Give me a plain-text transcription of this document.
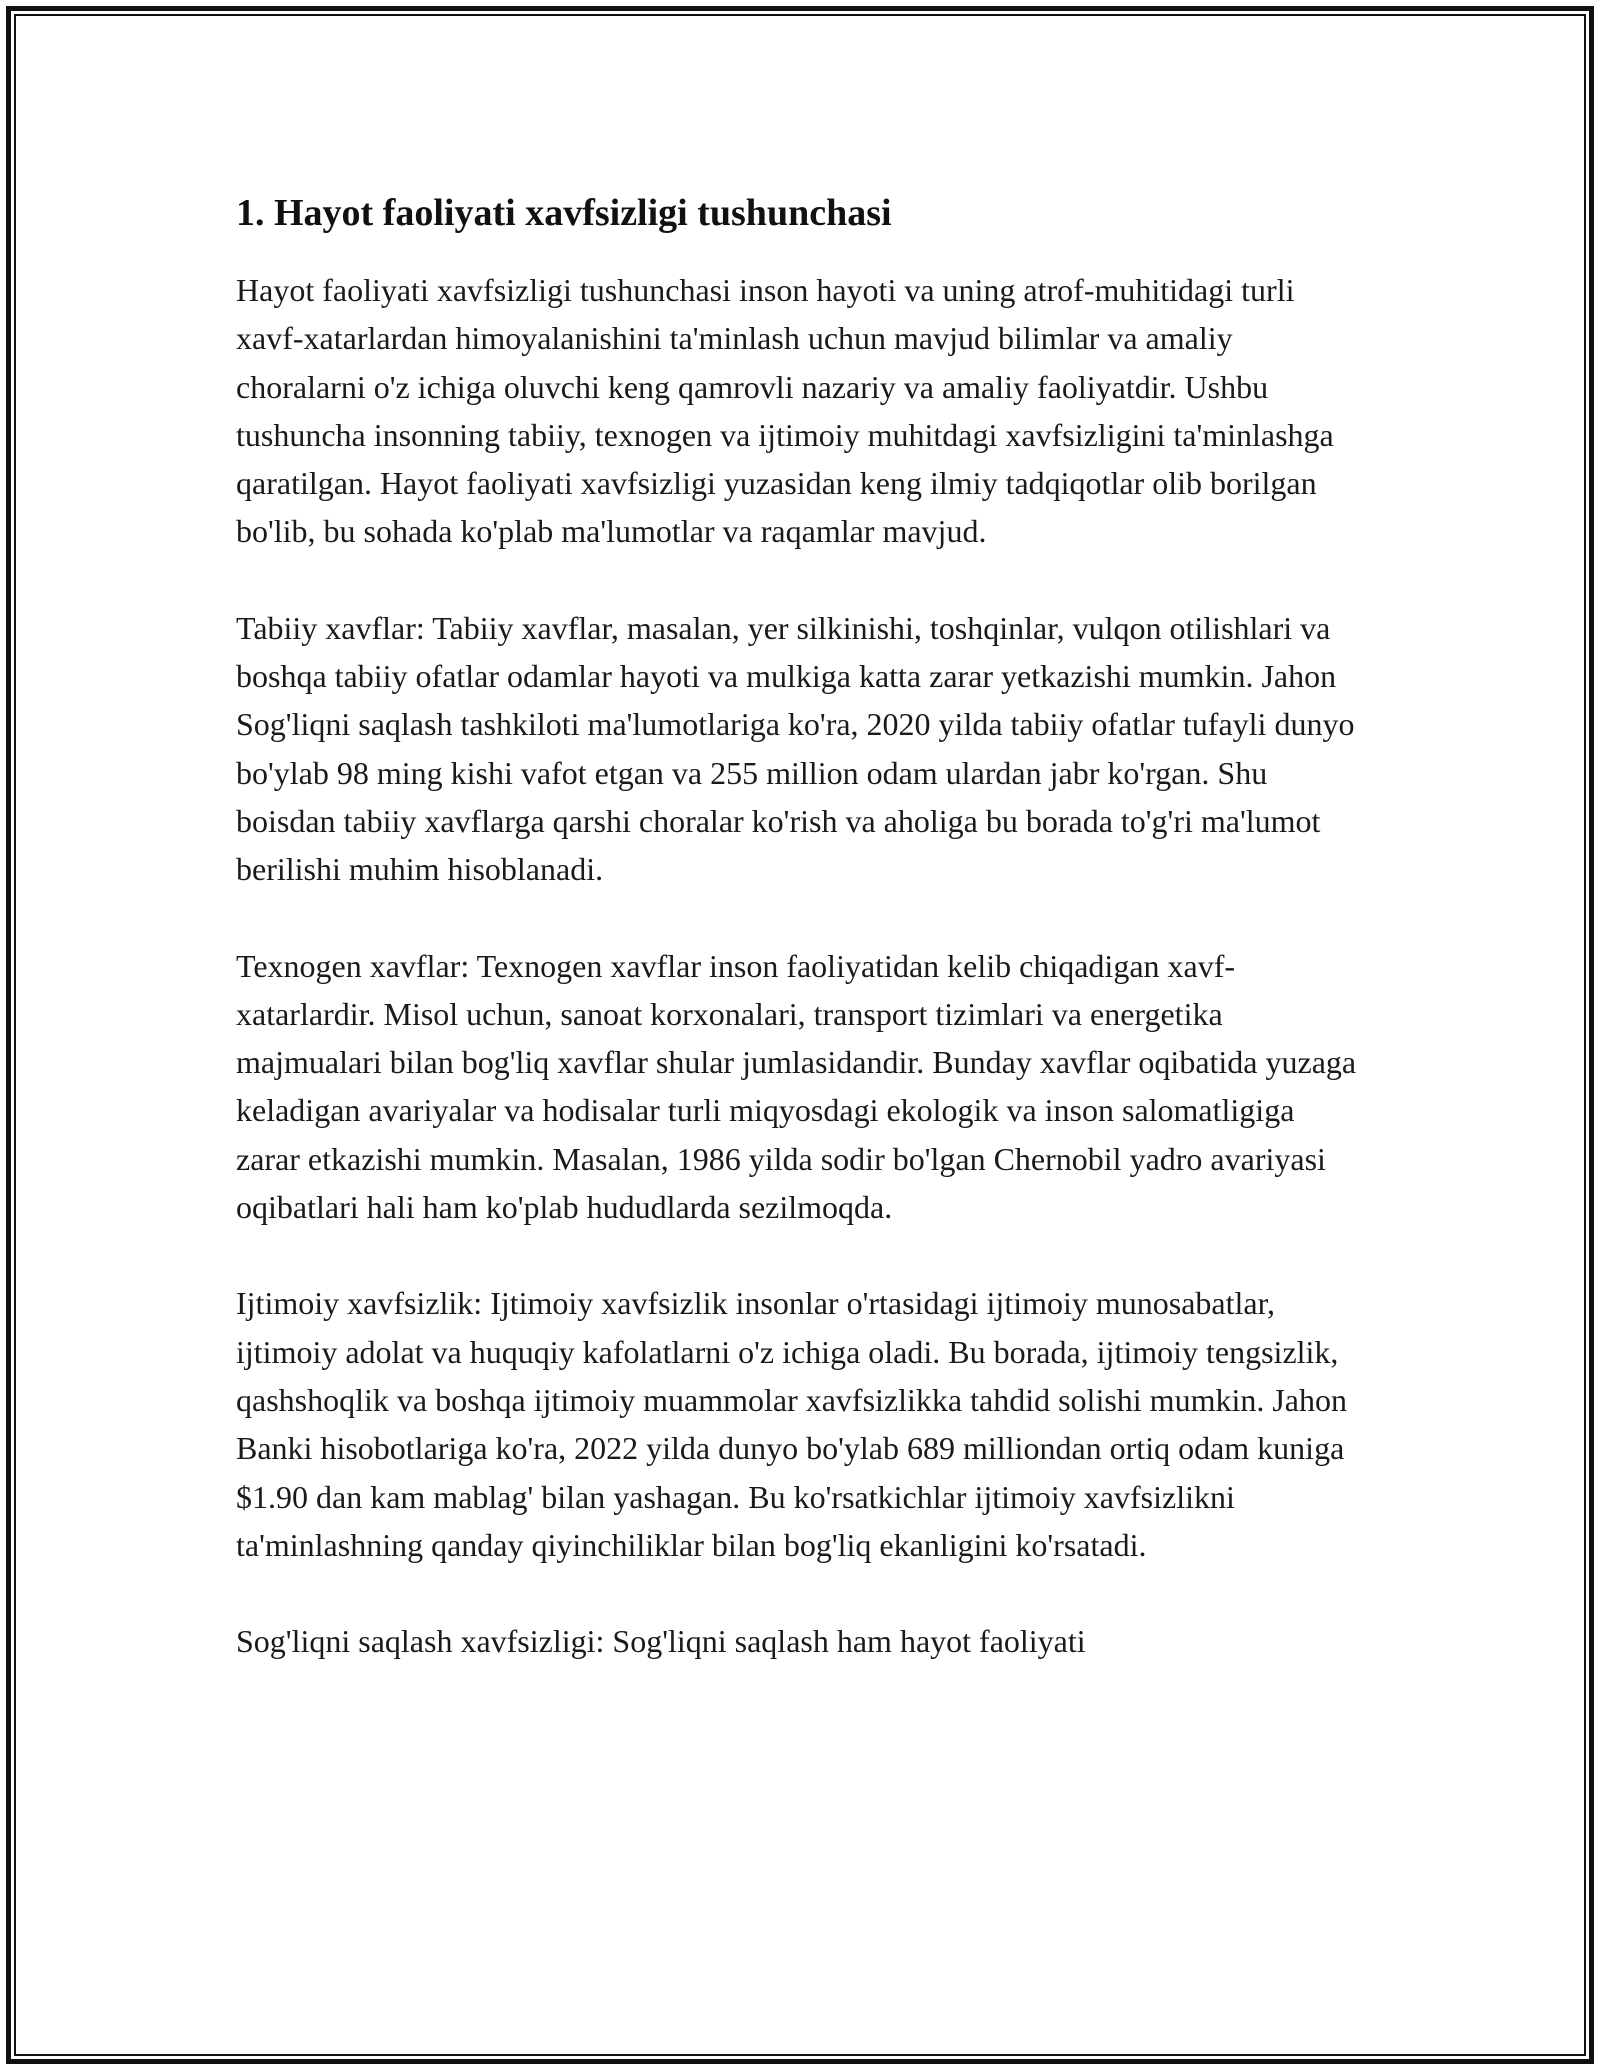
1. Hayot faoliyati xavfsizligi tushunchasi

Hayot faoliyati xavfsizligi tushunchasi inson hayoti va uning atrof-muhitidagi turli xavf-xatarlardan himoyalanishini ta'minlash uchun mavjud bilimlar va amaliy choralarni o'z ichiga oluvchi keng qamrovli nazariy va amaliy faoliyatdir. Ushbu tushuncha insonning tabiiy, texnogen va ijtimoiy muhitdagi xavfsizligini ta'minlashga qaratilgan. Hayot faoliyati xavfsizligi yuzasidan keng ilmiy tadqiqotlar olib borilgan bo'lib, bu sohada ko'plab ma'lumotlar va raqamlar mavjud.

Tabiiy xavflar: Tabiiy xavflar, masalan, yer silkinishi, toshqinlar, vulqon otilishlari va boshqa tabiiy ofatlar odamlar hayoti va mulkiga katta zarar yetkazishi mumkin. Jahon Sog'liqni saqlash tashkiloti ma'lumotlariga ko'ra, 2020 yilda tabiiy ofatlar tufayli dunyo bo'ylab 98 ming kishi vafot etgan va 255 million odam ulardan jabr ko'rgan. Shu boisdan tabiiy xavflarga qarshi choralar ko'rish va aholiga bu borada to'g'ri ma'lumot berilishi muhim hisoblanadi.

Texnogen xavflar: Texnogen xavflar inson faoliyatidan kelib chiqadigan xavf-xatarlardir. Misol uchun, sanoat korxonalari, transport tizimlari va energetika majmualari bilan bog'liq xavflar shular jumlasidandir. Bunday xavflar oqibatida yuzaga keladigan avariyalar va hodisalar turli miqyosdagi ekologik va inson salomatligiga zarar etkazishi mumkin. Masalan, 1986 yilda sodir bo'lgan Chernobil yadro avariyasi oqibatlari hali ham ko'plab hududlarda sezilmoqda.

Ijtimoiy xavfsizlik: Ijtimoiy xavfsizlik insonlar o'rtasidagi ijtimoiy munosabatlar, ijtimoiy adolat va huquqiy kafolatlarni o'z ichiga oladi. Bu borada, ijtimoiy tengsizlik, qashshoqlik va boshqa ijtimoiy muammolar xavfsizlikka tahdid solishi mumkin. Jahon Banki hisobotlariga ko'ra, 2022 yilda dunyo bo'ylab 689 milliondan ortiq odam kuniga $1.90 dan kam mablag' bilan yashagan. Bu ko'rsatkichlar ijtimoiy xavfsizlikni ta'minlashning qanday qiyinchiliklar bilan bog'liq ekanligini ko'rsatadi.

Sog'liqni saqlash xavfsizligi: Sog'liqni saqlash ham hayot faoliyati
